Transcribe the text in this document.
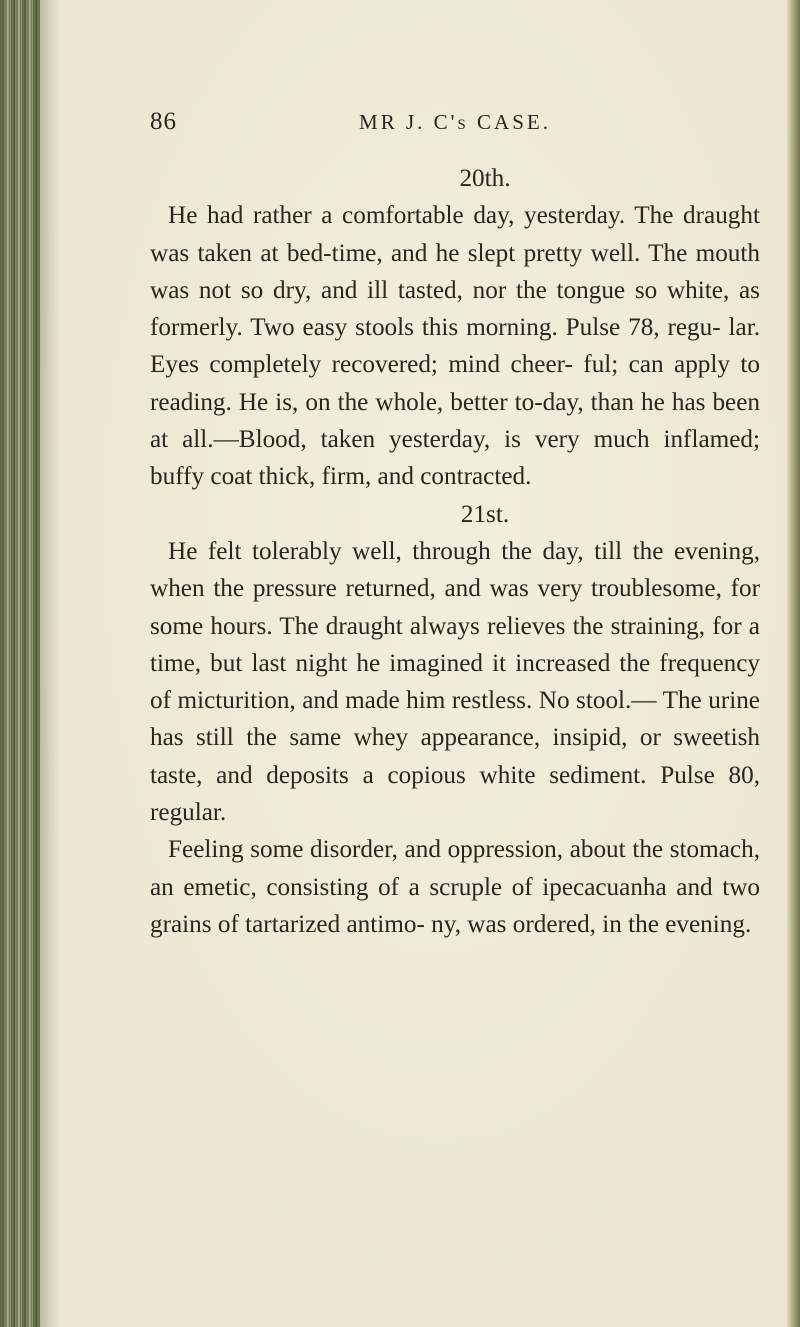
86	MR J. C's CASE.

20th.

He had rather a comfortable day, yesterday. The draught was taken at bed-time, and he slept pretty well. The mouth was not so dry, and ill tasted, nor the tongue so white, as formerly. Two easy stools this morning. Pulse 78, regu- lar. Eyes completely recovered; mind cheer- ful; can apply to reading. He is, on the whole, better to-day, than he has been at all.—Blood, taken yesterday, is very much inflamed; buffy coat thick, firm, and contracted.

21st.

He felt tolerably well, through the day, till the evening, when the pressure returned, and was very troublesome, for some hours. The draught always relieves the straining, for a time, but last night he imagined it increased the frequency of micturition, and made him restless. No stool.— The urine has still the same whey appearance, insipid, or sweetish taste, and deposits a copious white sediment. Pulse 80, regular.

Feeling some disorder, and oppression, about the stomach, an emetic, consisting of a scruple of ipecacuanha and two grains of tartarized antimo- ny, was ordered, in the evening.
